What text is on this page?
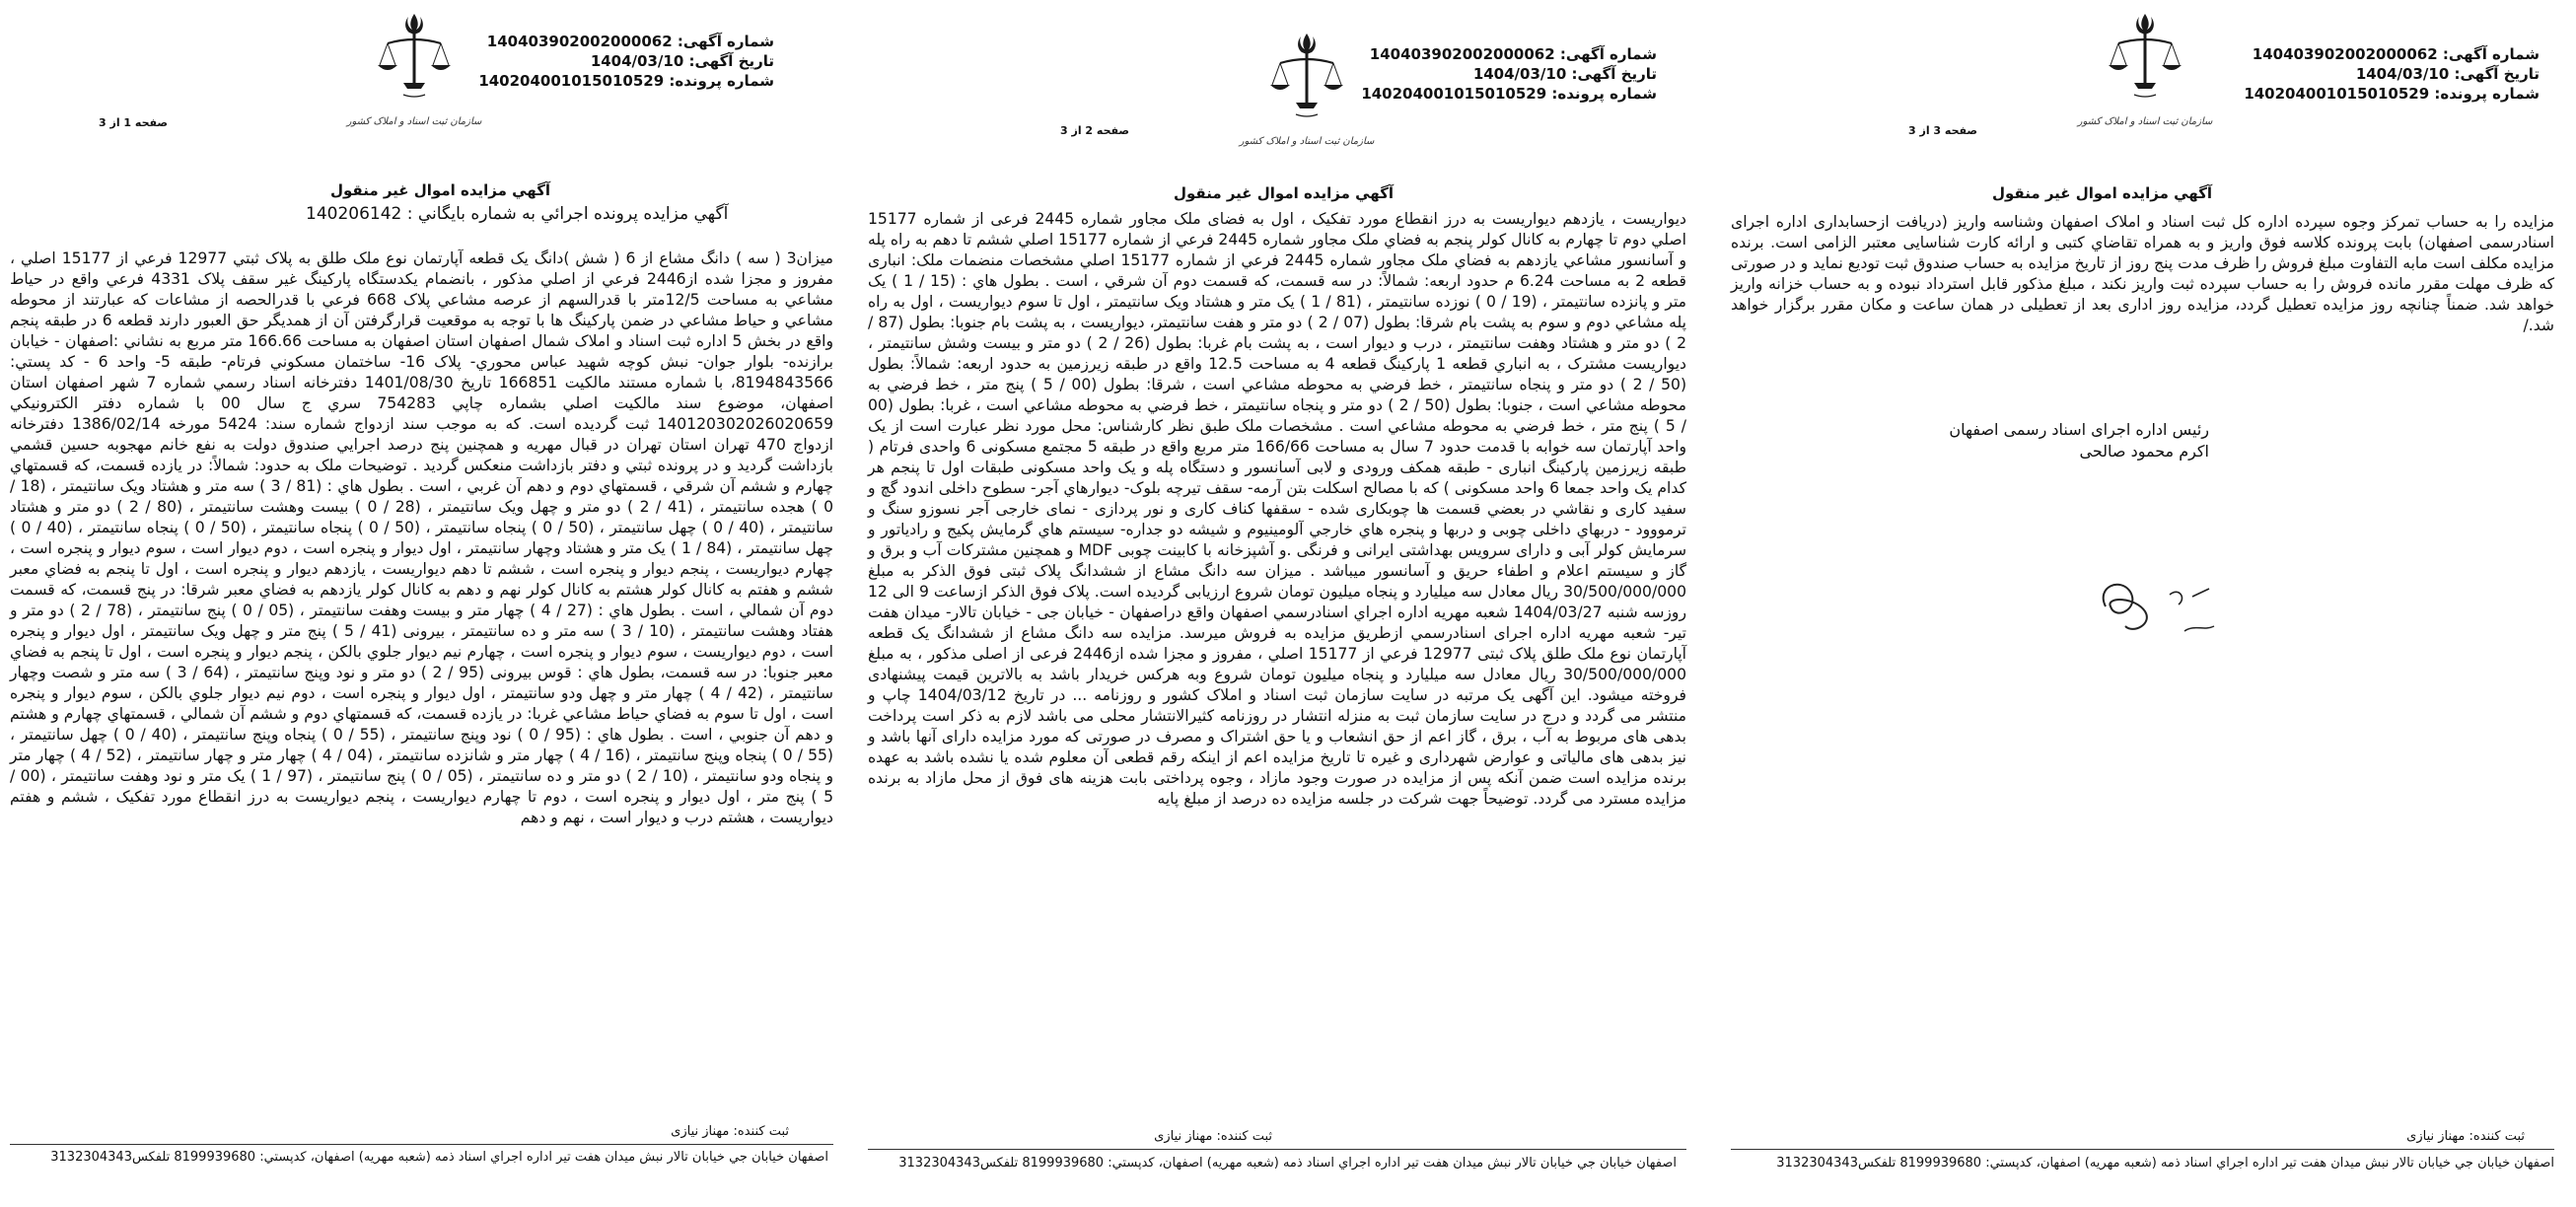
سازمان ثبت اسناد و املاک کشور
شماره آگهی: 140403902002000062
تاریخ آگهی: 1404/03/10
شماره پرونده: 140204001015010529
صفحه 3 از 3
آگهي مزايده اموال غير منقول
مزايده را به حساب تمرکز وجوه سپرده اداره کل ثبت اسناد و املاک اصفهان وشناسه واريز (دريافت ازحسابداری اداره اجرای اسنادرسمی اصفهان) بابت پرونده کلاسه فوق واريز و به همراه تقاضاي کتبی و ارائه کارت شناسايی معتبر الزامی است. برنده مزايده مکلف است مابه التفاوت مبلغ فروش را ظرف مدت پنج روز از تاريخ مزايده به حساب صندوق ثبت توديع نمايد و در صورتی که ظرف مهلت مقرر مانده فروش را به حساب سپرده ثبت واريز نکند ، مبلغ مذکور قابل استرداد نبوده و به حساب خزانه واريز خواهد شد. ضمناً چنانچه روز مزايده تعطيل گردد، مزايده روز اداری بعد از تعطيلی در همان ساعت و مکان مقرر برگزار خواهد شد./
رئيس اداره اجرای اسناد رسمی اصفهان
اكرم محمود صالحی
ثبت کننده: مهناز نیازی
اصفهان خيابان جي خيابان تالار نبش ميدان هفت تير اداره اجراي اسناد ذمه (شعبه مهريه) اصفهان، كدپستي: 8199939680 تلفكس3132304343
سازمان ثبت اسناد و املاک کشور
شماره آگهی: 140403902002000062
تاریخ آگهی: 1404/03/10
شماره پرونده: 140204001015010529
صفحه 2 از 3
آگهي مزايده اموال غير منقول
ديواريست ، يازدهم ديواريست به درز انقطاع مورد تفکيک ، اول به فضای ملک مجاور شماره 2445 فرعی از شماره 15177 اصلي دوم تا چهارم به کانال کولر پنجم به فضاي ملک مجاور شماره 2445 فرعي از شماره 15177 اصلي ششم تا دهم به راه پله و آسانسور مشاعي يازدهم به فضاي ملک مجاور شماره 2445 فرعي از شماره 15177 اصلي مشخصات منضمات ملک: انباری قطعه 2 به مساحت 6.24 م حدود اربعه: شمالاً: در سه قسمت، که قسمت دوم آن شرقي ، است . بطول هاي : (15 / 1 ) يک متر و پانزده سانتيمتر ، (19 / 0 ) نوزده سانتيمتر ، (81 / 1 ) يک متر و هشتاد ويک سانتيمتر ، اول تا سوم ديواريست ، اول به راه پله مشاعي دوم و سوم به پشت بام شرقا: بطول (07 / 2 ) دو متر و هفت سانتيمتر، ديواريست ، به پشت بام جنوبا: بطول (87 / 2 ) دو متر و هشتاد وهفت سانتيمتر ، درب و ديوار است ، به پشت بام غربا: بطول (26 / 2 ) دو متر و بيست وشش سانتيمتر ، ديواريست مشترک ، به انباري قطعه 1 پارکينگ قطعه 4 به مساحت 12.5 واقع در طبقه زيرزمين به حدود اربعه: شمالاً: بطول (50 / 2 ) دو متر و پنجاه سانتيمتر ، خط فرضي به محوطه مشاعي است ، شرقا: بطول (00 / 5 ) پنج متر ، خط فرضي به محوطه مشاعي است ، جنوبا: بطول (50 / 2 ) دو متر و پنجاه سانتيمتر ، خط فرضي به محوطه مشاعي است ، غربا: بطول (00 / 5 ) پنج متر ، خط فرضي به محوطه مشاعي است . مشخصات ملک طبق نظر کارشناس: محل مورد نظر عبارت است از يک واحد آپارتمان سه خوابه با قدمت حدود 7 سال به مساحت 166/66 متر مربع واقع در طبقه 5 مجتمع مسکونی 6 واحدی فرتام ( طبقه زيرزمين پارکينگ انباری - طبقه همکف ورودی و لابی آسانسور و دستگاه پله و يک واحد مسکونی طبقات اول تا پنجم هر کدام يک واحد جمعا 6 واحد مسکونی ) که با مصالح اسکلت بتن آرمه- سقف تيرچه بلوک- ديوارهاي آجر- سطوح داخلی اندود گچ و سفيد کاری و نقاشي در بعضي قسمت ها چوبکاری شده - سقفها کناف کاری و نور پردازی - نمای خارجی آجر نسوزو سنگ و ترمووود - دربهاي داخلی چوبی و دربها و پنجره هاي خارجي آلومينيوم و شيشه دو جداره- سيستم هاي گرمايش پکيج و رادياتور و سرمايش کولر آبی و دارای سرويس بهداشتی ايرانی و فرنگی .و آشپزخانه با کابينت چوبی MDF و همچنين مشترکات آب و برق و گاز و سيستم اعلام و اطفاء حريق و آسانسور ميباشد . ميزان سه دانگ مشاع از ششدانگ پلاک ثبتی فوق الذکر به مبلغ 30/500/000/000 ريال معادل سه ميليارد و پنجاه ميليون تومان شروع ارزيابی گرديده است. پلاک فوق الذکر ازساعت 9 الی 12 روزسه شنبه 1404/03/27 شعبه مهريه اداره اجراي اسنادرسمي اصفهان واقع دراصفهان - خيابان جی - خيابان تالار- ميدان هفت تير- شعبه مهريه اداره اجرای اسنادرسمي ازطريق مزايده به فروش ميرسد. مزايده سه دانگ مشاع از ششدانگ يک قطعه آپارتمان نوع ملک طلق پلاک ثبتی 12977 فرعي از 15177 اصلي ، مفروز و مجزا شده از2446 فرعی از اصلی مذکور ، به مبلغ 30/500/000/000 ريال معادل سه ميليارد و پنجاه ميليون تومان شروع وبه هرکس خريدار باشد به بالاترين قيمت پيشنهادی فروخته ميشود. اين آگهی يک مرتبه در سايت سازمان ثبت اسناد و املاک کشور و روزنامه ... در تاريخ 1404/03/12 چاپ و منتشر می گردد و درج در سايت سازمان ثبت به منزله انتشار در روزنامه کثيرالانتشار محلی می باشد لازم به ذکر است پرداخت بدهی های مربوط به آب ، برق ، گاز اعم از حق انشعاب و يا حق اشتراک و مصرف در صورتی که مورد مزايده دارای آنها باشد و نيز بدهی های مالياتی و عوارض شهرداری و غيره تا تاريخ مزايده اعم از اينکه رقم قطعی آن معلوم شده يا نشده باشد به عهده برنده مزايده است ضمن آنکه پس از مزايده در صورت وجود مازاد ، وجوه پرداختی بابت هزينه های فوق از محل مازاد به برنده مزايده مسترد می گردد. توضيحاً جهت شرکت در جلسه مزايده ده درصد از مبلغ پايه
ثبت کننده: مهناز نیازی
اصفهان خيابان جي خيابان تالار نبش ميدان هفت تير اداره اجراي اسناد ذمه (شعبه مهريه) اصفهان، كدپستي: 8199939680 تلفكس3132304343
سازمان ثبت اسناد و املاک کشور
شماره آگهی: 140403902002000062
تاریخ آگهی: 1404/03/10
شماره پرونده: 140204001015010529
صفحه 1 از 3
آگهي مزايده اموال غير منقول
آگهي مزايده پرونده اجرائي به شماره بايگاني : 140206142
ميزان3 ( سه ) دانگ مشاع از 6 ( شش )دانگ يک قطعه آپارتمان نوع ملک طلق به پلاک ثبتي 12977 فرعي از 15177 اصلي ، مفروز و مجزا شده از2446 فرعي از اصلي مذکور ، بانضمام يکدستگاه پارکينگ غير سقف پلاک 4331 فرعي واقع در حياط مشاعي به مساحت 12/5متر با قدرالسهم از عرصه مشاعي پلاک 668 فرعي با قدرالحصه از مشاعات که عبارتند از محوطه مشاعي و حياط مشاعي در ضمن پارکينگ ها با توجه به موقعيت قرارگرفتن آن از همديگر حق العبور دارند قطعه 6 در طبقه پنجم واقع در بخش 5 اداره ثبت اسناد و املاک شمال اصفهان استان اصفهان به مساحت 166.66 متر مربع به نشاني :اصفهان - خيابان برازنده- بلوار جوان- نبش کوچه شهيد عباس محوري- پلاک 16- ساختمان مسکوني فرتام- طبقه 5- واحد 6 - کد پستي: 8194843566، با شماره مستند مالکيت 166851 تاريخ 1401/08/30 دفترخانه اسناد رسمي شماره 7 شهر اصفهان استان اصفهان، موضوع سند مالکيت اصلي بشماره چاپي 754283 سري ج سال 00 با شماره دفتر الکترونيکي 140120302026020659 ثبت گرديده است. که به موجب سند ازدواج شماره سند: 5424 مورخه 1386/02/14 دفترخانه ازدواج 470 تهران استان تهران در قبال مهريه و همچنين پنج درصد اجرايي صندوق دولت به نفع خانم مهجوبه حسين قشمي بازداشت گرديد و در پرونده ثبتي و دفتر بازداشت منعکس گرديد . توضيحات ملک به حدود: شمالاً: در يازده قسمت، که قسمتهاي چهارم و ششم آن شرقي ، قسمتهاي دوم و دهم آن غربي ، است . بطول هاي : (81 / 3 ) سه متر و هشتاد ويک سانتيمتر ، (18 / 0 ) هجده سانتيمتر ، (41 / 2 ) دو متر و چهل ويک سانتيمتر ، (28 / 0 ) بيست وهشت سانتيمتر ، (80 / 2 ) دو متر و هشتاد سانتيمتر ، (40 / 0 ) چهل سانتيمتر ، (50 / 0 ) پنجاه سانتيمتر ، (50 / 0 ) پنجاه سانتيمتر ، (50 / 0 ) پنجاه سانتيمتر ، (40 / 0 ) چهل سانتيمتر ، (84 / 1 ) يک متر و هشتاد وچهار سانتيمتر ، اول ديوار و پنجره است ، دوم ديوار است ، سوم ديوار و پنجره است ، چهارم ديواريست ، پنجم ديوار و پنجره است ، ششم تا دهم ديواريست ، يازدهم ديوار و پنجره است ، اول تا پنجم به فضاي معبر ششم و هفتم به کانال کولر هشتم به کانال کولر نهم و دهم به کانال کولر يازدهم به فضاي معبر شرقا: در پنج قسمت، که قسمت دوم آن شمالي ، است . بطول هاي : (27 / 4 ) چهار متر و بيست وهفت سانتيمتر ، (05 / 0 ) پنج سانتيمتر ، (78 / 2 ) دو متر و هفتاد وهشت سانتيمتر ، (10 / 3 ) سه متر و ده سانتيمتر ، بيرونی (41 / 5 ) پنج متر و چهل ويک سانتيمتر ، اول ديوار و پنجره است ، دوم ديواريست ، سوم ديوار و پنجره است ، چهارم نيم ديوار جلوي بالکن ، پنجم ديوار و پنجره است ، اول تا پنجم به فضاي معبر جنوبا: در سه قسمت، بطول هاي : قوس بيرونی (95 / 2 ) دو متر و نود وپنج سانتيمتر ، (64 / 3 ) سه متر و شصت وچهار سانتيمتر ، (42 / 4 ) چهار متر و چهل ودو سانتيمتر ، اول ديوار و پنجره است ، دوم نيم ديوار جلوي بالکن ، سوم ديوار و پنجره است ، اول تا سوم به فضاي حياط مشاعي غربا: در يازده قسمت، که قسمتهاي دوم و ششم آن شمالي ، قسمتهاي چهارم و هشتم و دهم آن جنوبي ، است . بطول هاي : (95 / 0 ) نود وپنج سانتيمتر ، (55 / 0 ) پنجاه وپنج سانتيمتر ، (40 / 0 ) چهل سانتيمتر ، (55 / 0 ) پنجاه وپنج سانتيمتر ، (16 / 4 ) چهار متر و شانزده سانتيمتر ، (04 / 4 ) چهار متر و چهار سانتيمتر ، (52 / 4 ) چهار متر و پنجاه ودو سانتيمتر ، (10 / 2 ) دو متر و ده سانتيمتر ، (05 / 0 ) پنج سانتيمتر ، (97 / 1 ) يک متر و نود وهفت سانتيمتر ، (00 / 5 ) پنج متر ، اول ديوار و پنجره است ، دوم تا چهارم ديواريست ، پنجم ديواريست به درز انقطاع مورد تفکيک ، ششم و هفتم ديواريست ، هشتم درب و ديوار است ، نهم و دهم
ثبت کننده: مهناز نیازی
اصفهان خيابان جي خيابان تالار نبش ميدان هفت تير اداره اجراي اسناد ذمه (شعبه مهريه) اصفهان، كدپستي: 8199939680 تلفكس3132304343
